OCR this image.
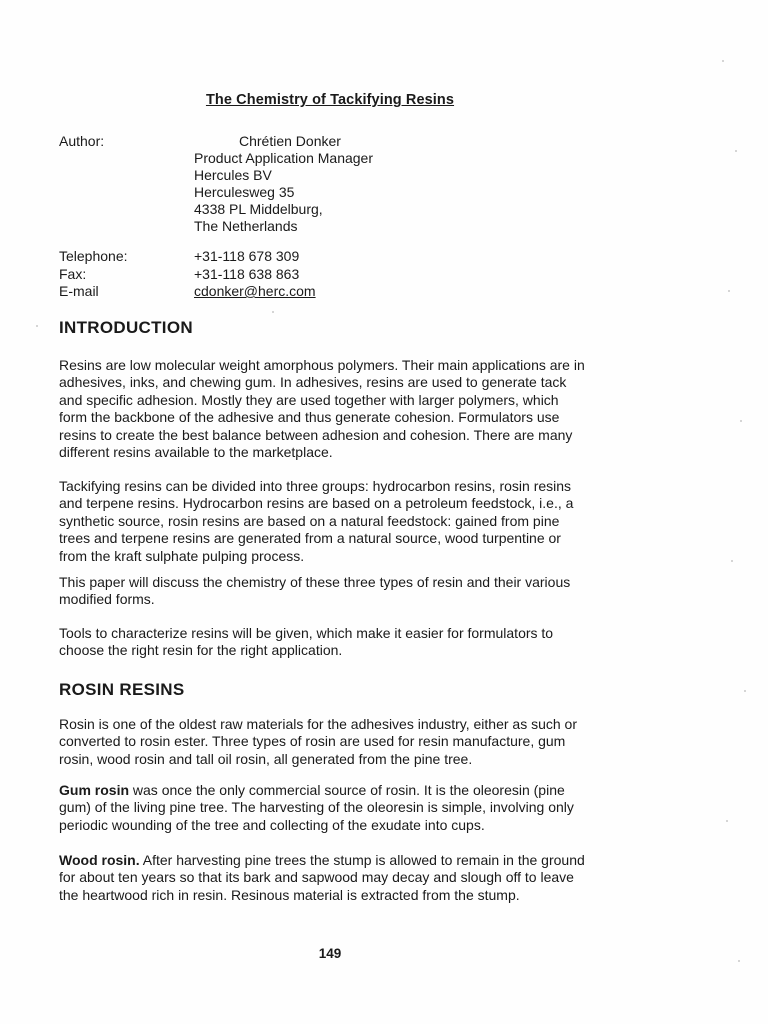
The Chemistry of Tackifying Resins
Author:	Chrétien Donker
Product Application Manager
Hercules BV
Herculesweg 35
4338 PL Middelburg,
The Netherlands
Telephone:	+31-118 678 309
Fax:	+31-118 638 863
E-mail	cdonker@herc.com
INTRODUCTION

Resins are low molecular weight amorphous polymers. Their main applications are in adhesives, inks, and chewing gum. In adhesives, resins are used to generate tack and specific adhesion. Mostly they are used together with larger polymers, which form the backbone of the adhesive and thus generate cohesion. Formulators use resins to create the best balance between adhesion and cohesion. There are many different resins available to the marketplace.

Tackifying resins can be divided into three groups: hydrocarbon resins, rosin resins and terpene resins. Hydrocarbon resins are based on a petroleum feedstock, i.e., a synthetic source, rosin resins are based on a natural feedstock: gained from pine trees and terpene resins are generated from a natural source, wood turpentine or from the kraft sulphate pulping process.

This paper will discuss the chemistry of these three types of resin and their various modified forms.

Tools to characterize resins will be given, which make it easier for formulators to choose the right resin for the right application.

ROSIN RESINS

Rosin is one of the oldest raw materials for the adhesives industry, either as such or converted to rosin ester. Three types of rosin are used for resin manufacture, gum rosin, wood rosin and tall oil rosin, all generated from the pine tree.

Gum rosin was once the only commercial source of rosin. It is the oleoresin (pine gum) of the living pine tree. The harvesting of the oleoresin is simple, involving only periodic wounding of the tree and collecting of the exudate into cups.

Wood rosin. After harvesting pine trees the stump is allowed to remain in the ground for about ten years so that its bark and sapwood may decay and slough off to leave the heartwood rich in resin. Resinous material is extracted from the stump.

149
